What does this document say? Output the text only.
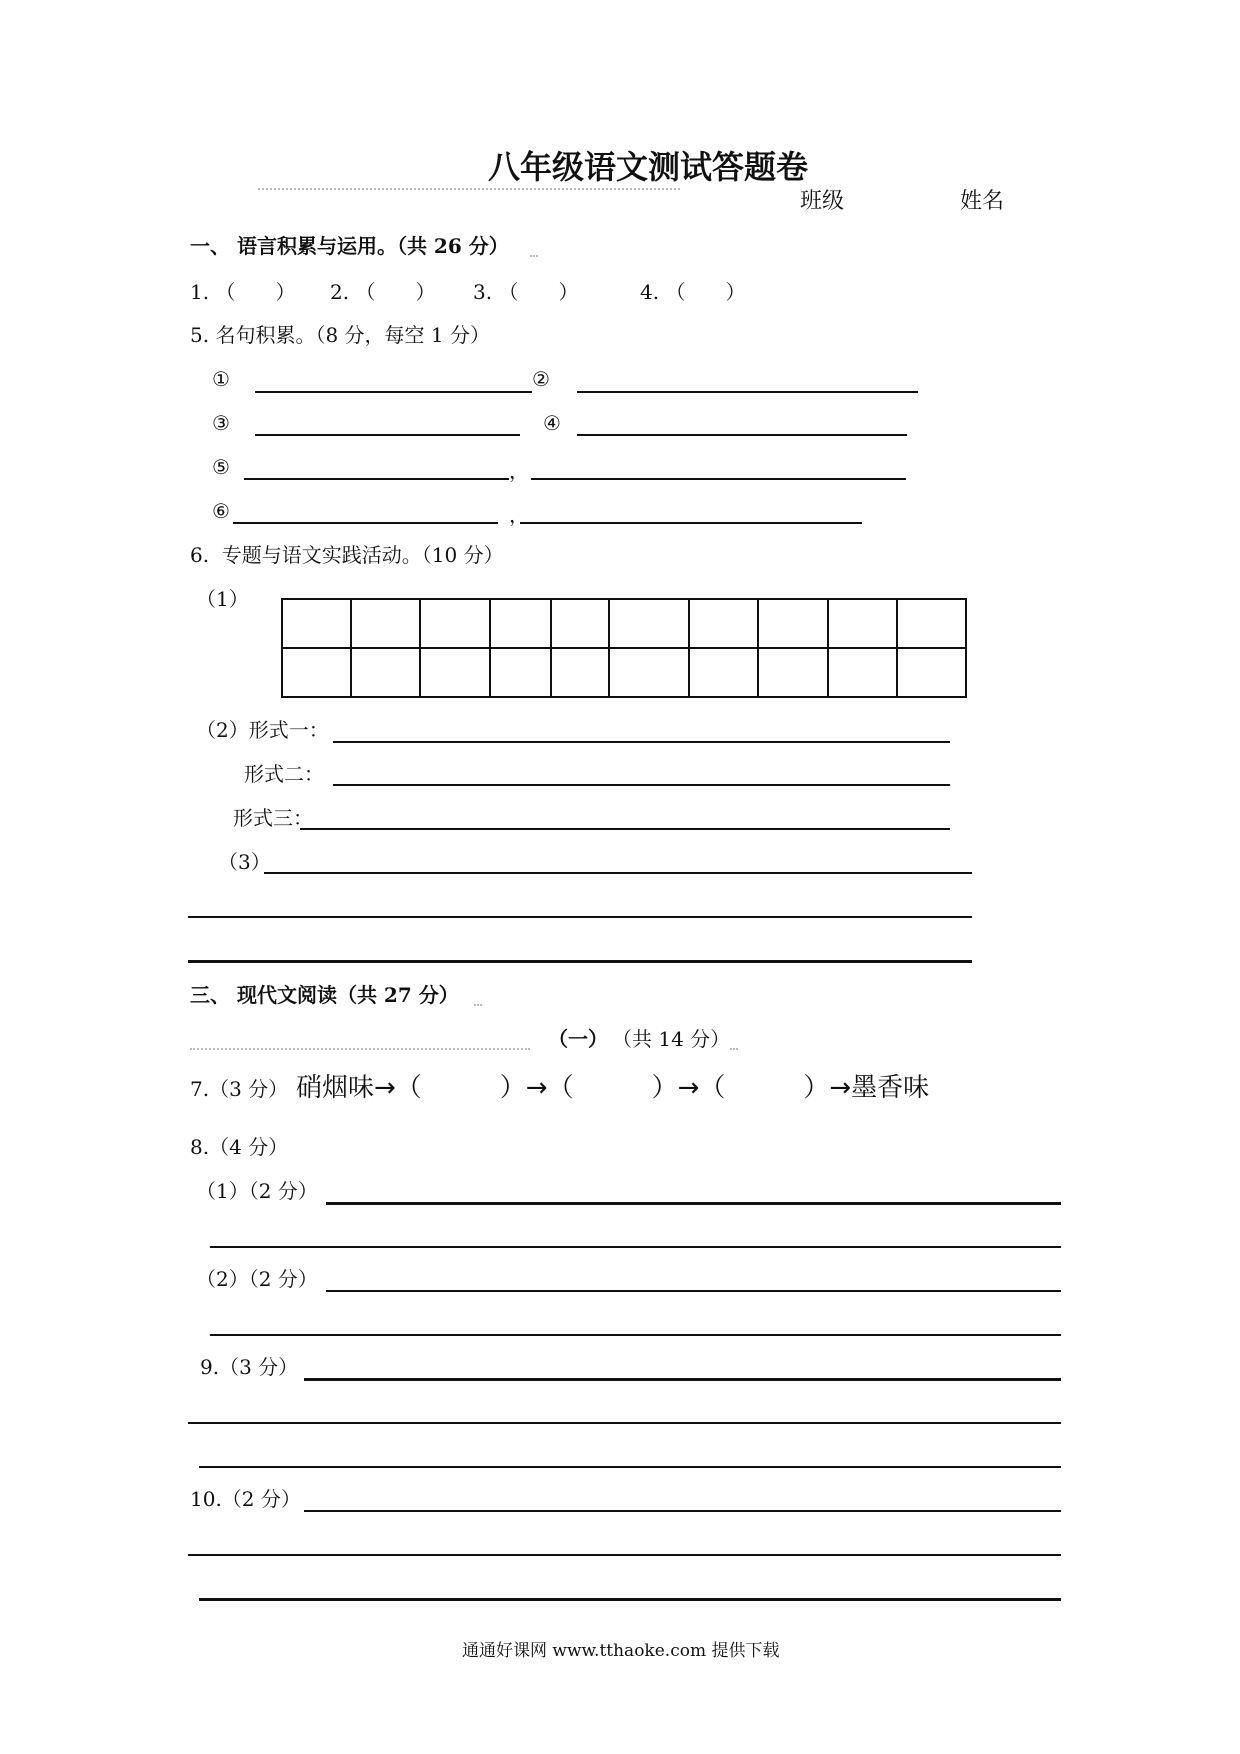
八年级语文测试答题卷
班级	姓名
一、 语言积累与运用。（共 26 分）
1. （　　） 2. （　　） 3. （　　）	4. （　　）
5. 名句积累。（8 分，每空 1 分）
①	②
③	④
⑤	，
⑥	，
6.  专题与语文实践活动。（10 分）
（1）

（2）形式一：
形式二：
形式三：
（3）
三、 现代文阅读（共 27 分）
（一） （共 14 分）
7.（3 分） 硝烟味→（　　　）→（　　　）→（　　　）→墨香味
8.（4 分）
（1）（2 分）
（2）（2 分）
9.（3 分）
10.（2 分）
通通好课网 www.tthaoke.com 提供下载
